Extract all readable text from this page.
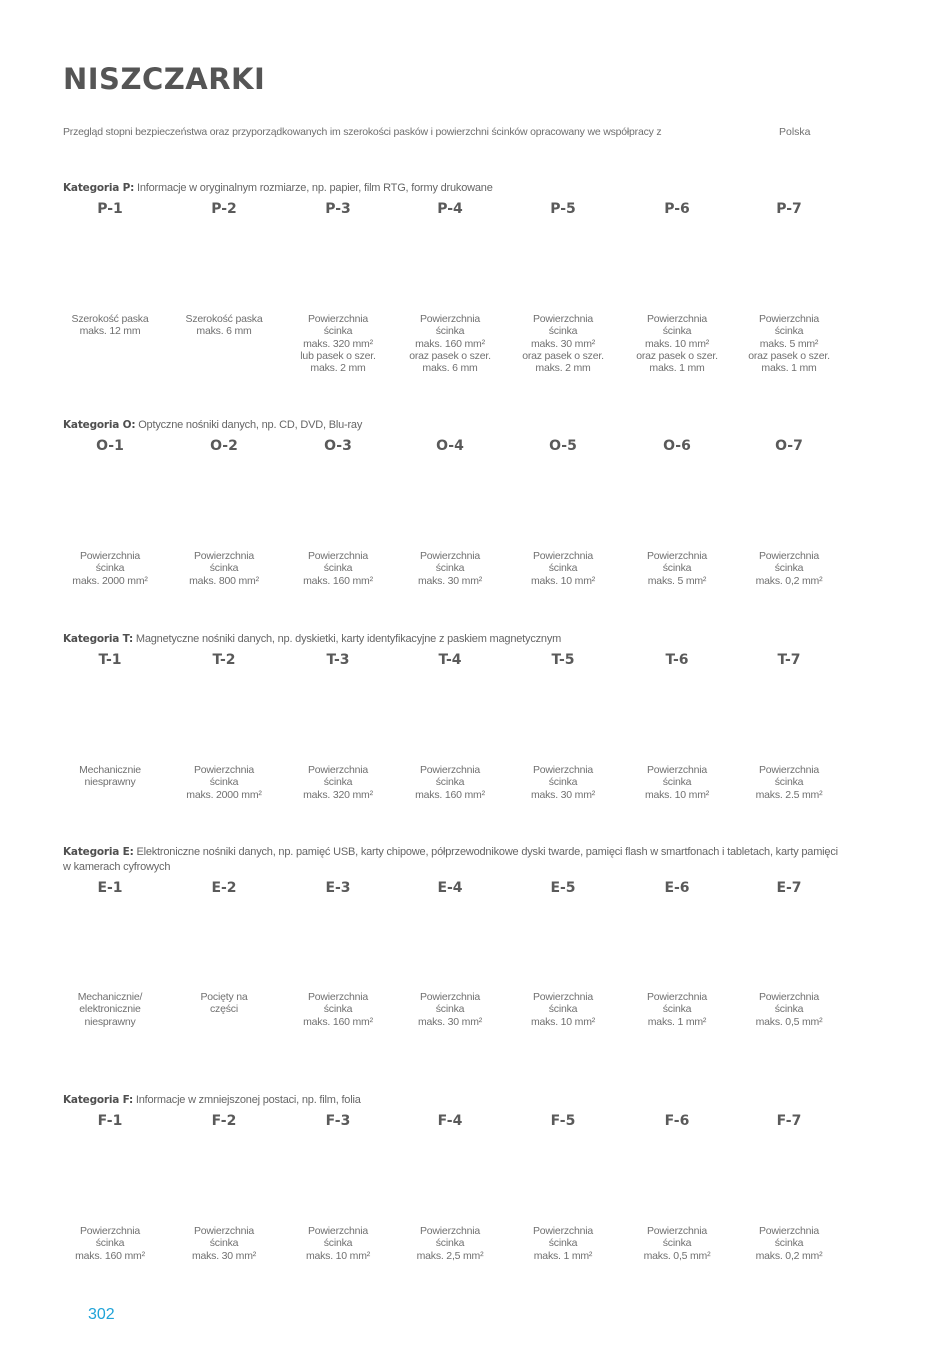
NISZCZARKI
Przegląd stopni bezpieczeństwa oraz przyporządkowanych im szerokości pasków i powierzchni ścinków opracowany we współpracy z	Polska
Kategoria P: Informacje w oryginalnym rozmiarze, np. papier, film RTG, formy drukowane
P-1
Szerokość paska
maks. 12 mm
P-2
Szerokość paska
maks. 6 mm
P-3
Powierzchnia
ścinka
maks. 320 mm²
lub pasek o szer.
maks. 2 mm
P-4
Powierzchnia
ścinka
maks. 160 mm²
oraz pasek o szer.
maks. 6 mm
P-5
Powierzchnia
ścinka
maks. 30 mm²
oraz pasek o szer.
maks. 2 mm
P-6
Powierzchnia
ścinka
maks. 10 mm²
oraz pasek o szer.
maks. 1 mm
P-7
Powierzchnia
ścinka
maks. 5 mm²
oraz pasek o szer.
maks. 1 mm
Kategoria O: Optyczne nośniki danych, np. CD, DVD, Blu-ray
O-1
Powierzchnia
ścinka
maks. 2000 mm²
O-2
Powierzchnia
ścinka
maks. 800 mm²
O-3
Powierzchnia
ścinka
maks. 160 mm²
O-4
Powierzchnia
ścinka
maks. 30 mm²
O-5
Powierzchnia
ścinka
maks. 10 mm²
O-6
Powierzchnia
ścinka
maks. 5 mm²
O-7
Powierzchnia
ścinka
maks. 0,2 mm²
Kategoria T: Magnetyczne nośniki danych, np. dyskietki, karty identyfikacyjne z paskiem magnetycznym
T-1
Mechanicznie
niesprawny
T-2
Powierzchnia
ścinka
maks. 2000 mm²
T-3
Powierzchnia
ścinka
maks. 320 mm²
T-4
Powierzchnia
ścinka
maks. 160 mm²
T-5
Powierzchnia
ścinka
maks. 30 mm²
T-6
Powierzchnia
ścinka
maks. 10 mm²
T-7
Powierzchnia
ścinka
maks. 2.5 mm²
Kategoria E: Elektroniczne nośniki danych, np. pamięć USB, karty chipowe, półprzewodnikowe dyski twarde, pamięci flash w smartfonach i tabletach, karty pamięci w kamerach cyfrowych
E-1
Mechanicznie/
elektronicznie
niesprawny
E-2
Pocięty na
części
E-3
Powierzchnia
ścinka
maks. 160 mm²
E-4
Powierzchnia
ścinka
maks. 30 mm²
E-5
Powierzchnia
ścinka
maks. 10 mm²
E-6
Powierzchnia
ścinka
maks. 1 mm²
E-7
Powierzchnia
ścinka
maks. 0,5 mm²
Kategoria F: Informacje w zmniejszonej postaci, np. film, folia
F-1
Powierzchnia
ścinka
maks. 160 mm²
F-2
Powierzchnia
ścinka
maks. 30 mm²
F-3
Powierzchnia
ścinka
maks. 10 mm²
F-4
Powierzchnia
ścinka
maks. 2,5 mm²
F-5
Powierzchnia
ścinka
maks. 1 mm²
F-6
Powierzchnia
ścinka
maks. 0,5 mm²
F-7
Powierzchnia
ścinka
maks. 0,2 mm²
302
